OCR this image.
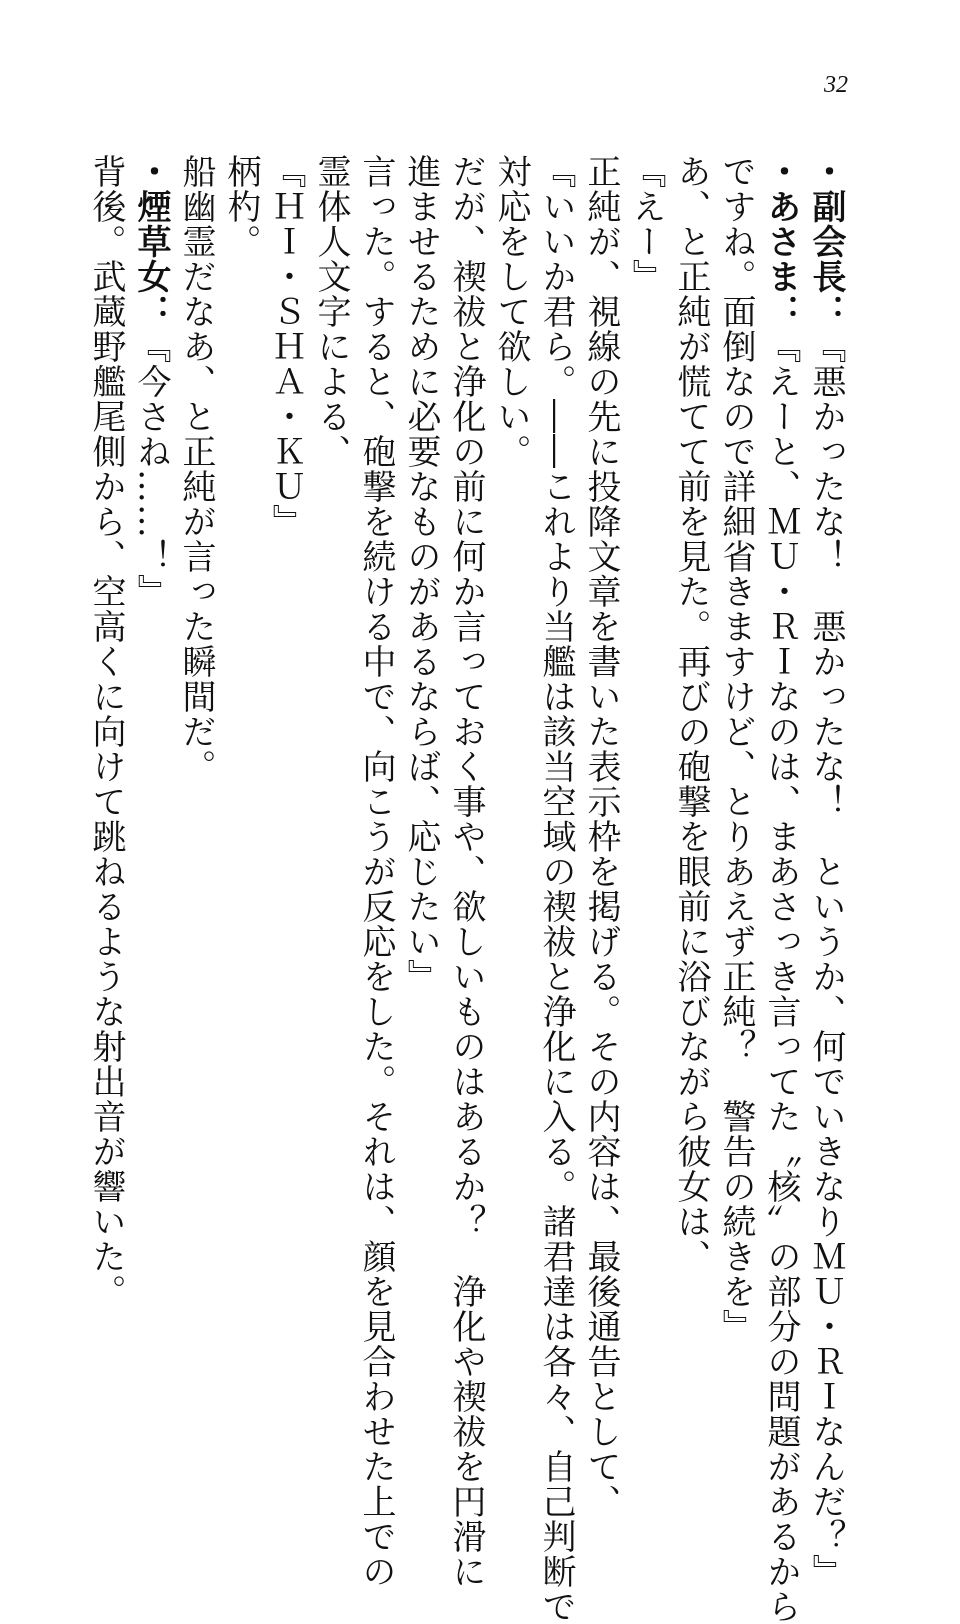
32
・副会長：『悪かったな！　悪かったな！　というか、何でいきなりＭＵ・ＲＩなんだ？』
・あさま：『えーと、ＭＵ・ＲＩなのは、まあさっき言ってた〝核〟の部分の問題があるから
ですね。面倒なので詳細省きますけど、とりあえず正純？　警告の続きを』
あ、と正純が慌てて前を見た。再びの砲撃を眼前に浴びながら彼女は、
『えー』
正純が、視線の先に投降文章を書いた表示枠を掲げる。その内容は、最後通告として、
『いいか君ら。――これより当艦は該当空域の禊祓と浄化に入る。諸君達は各々、自己判断で
対応をして欲しい。
だが、禊祓と浄化の前に何か言っておく事や、欲しいものはあるか？　浄化や禊祓を円滑に
進ませるために必要なものがあるならば、応じたい』
言った。すると、砲撃を続ける中で、向こうが反応をした。それは、顔を見合わせた上での
霊体人文字による、
『ＨＩ・ＳＨＡ・ＫＵ』
柄杓。
船幽霊だなあ、と正純が言った瞬間だ。
・煙草女：『今さね……！』
背後。武蔵野艦尾側から、空高くに向けて跳ねるような射出音が響いた。
